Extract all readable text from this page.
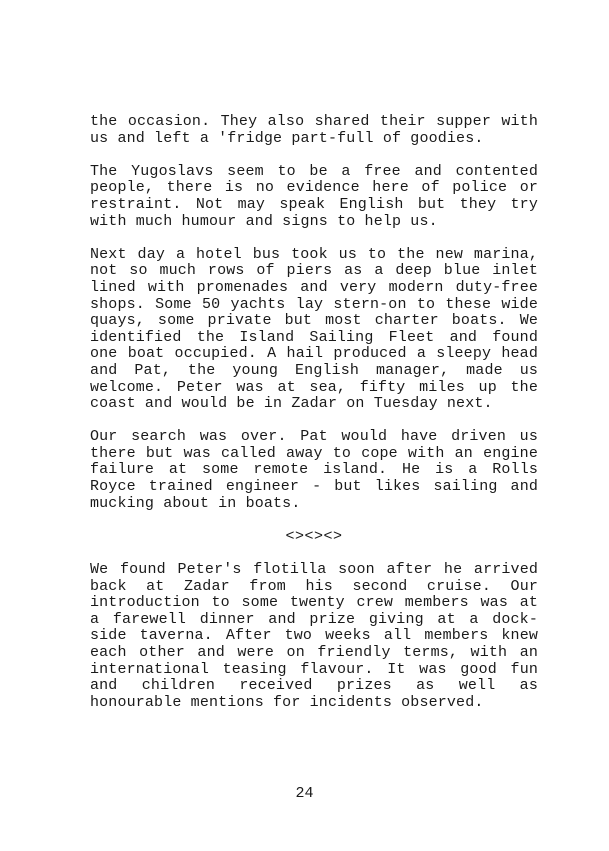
the occasion. They also shared their supper with us and left a 'fridge part-full of goodies.

The Yugoslavs seem to be a free and contented people, there is no evidence here of police or restraint. Not may speak English but they try with much humour and signs to help us.

Next day a hotel bus took us to the new marina, not so much rows of piers as a deep blue inlet lined with promenades and very modern duty-free shops. Some 50 yachts lay stern-on to these wide quays, some private but most charter boats. We identified the Island Sailing Fleet and found one boat occupied. A hail produced a sleepy head and Pat, the young English manager, made us welcome. Peter was at sea, fifty miles up the coast and would be in Zadar on Tuesday next.

Our search was over. Pat would have driven us there but was called away to cope with an engine failure at some remote island. He is a Rolls Royce trained engineer - but likes sailing and mucking about in boats.

<><><>

We found Peter's flotilla soon after he arrived back at Zadar from his second cruise. Our introduction to some twenty crew members was at a farewell dinner and prize giving at a dock-side taverna. After two weeks all members knew each other and were on friendly terms, with an international teasing flavour. It was good fun and children received prizes as well as honourable mentions for incidents observed.

24
